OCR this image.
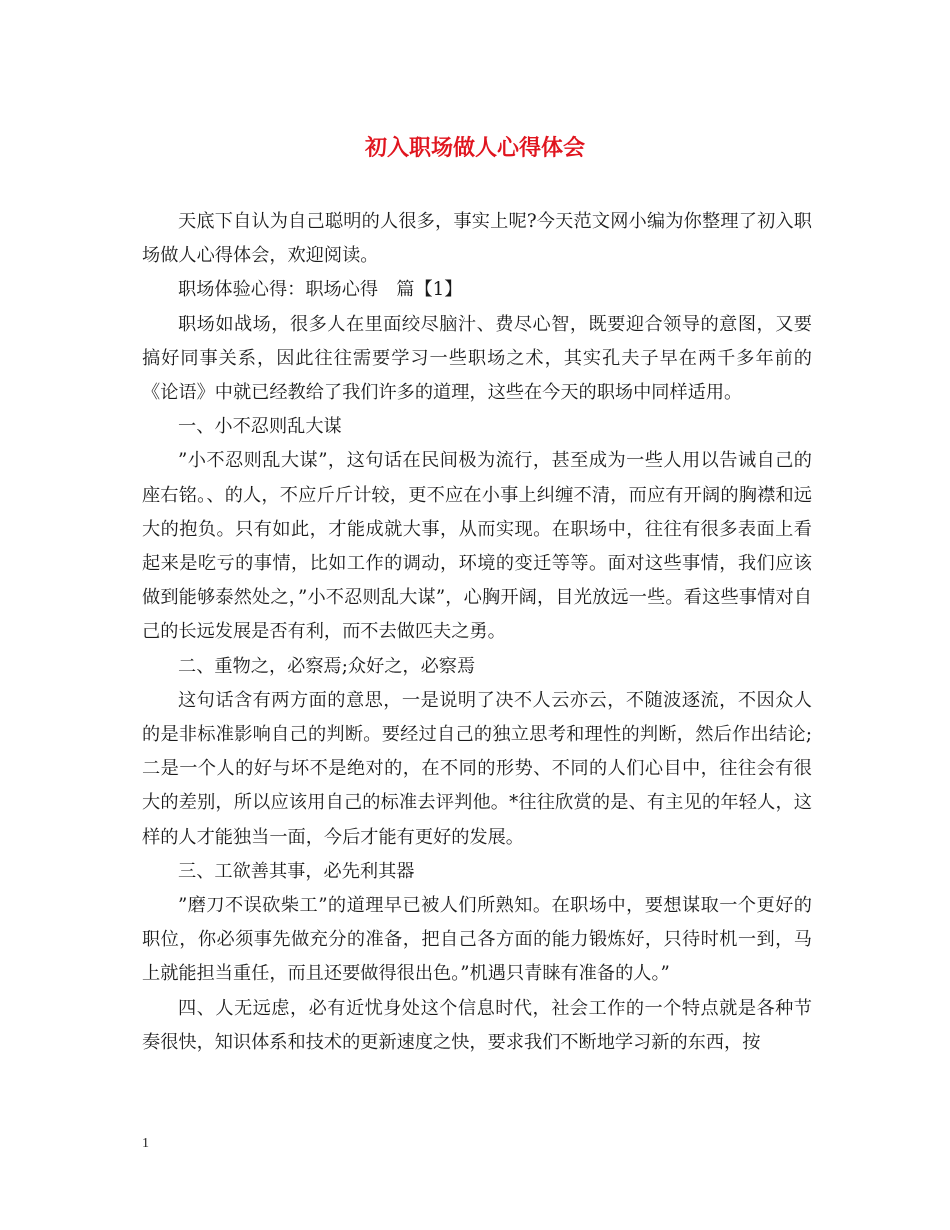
初入职场做人心得体会

天底下自认为自己聪明的人很多，事实上呢?今天范文网小编为你整理了初入职场做人心得体会，欢迎阅读。

职场体验心得：职场心得　篇【1】

职场如战场，很多人在里面绞尽脑汁、费尽心智，既要迎合领导的意图，又要搞好同事关系，因此往往需要学习一些职场之术，其实孔夫子早在两千多年前的《论语》中就已经教给了我们许多的道理，这些在今天的职场中同样适用。

一、小不忍则乱大谋

”小不忍则乱大谋”，这句话在民间极为流行，甚至成为一些人用以告诫自己的座右铭。、的人，不应斤斤计较，更不应在小事上纠缠不清，而应有开阔的胸襟和远大的抱负。只有如此，才能成就大事，从而实现。在职场中，往往有很多表面上看起来是吃亏的事情，比如工作的调动，环境的变迁等等。面对这些事情，我们应该做到能够泰然处之，”小不忍则乱大谋”，心胸开阔，目光放远一些。看这些事情对自己的长远发展是否有利，而不去做匹夫之勇。

二、重物之，必察焉;众好之，必察焉

这句话含有两方面的意思，一是说明了决不人云亦云，不随波逐流，不因众人的是非标准影响自己的判断。要经过自己的独立思考和理性的判断，然后作出结论;二是一个人的好与坏不是绝对的，在不同的形势、不同的人们心目中，往往会有很大的差别，所以应该用自己的标准去评判他。*往往欣赏的是、有主见的年轻人，这样的人才能独当一面，今后才能有更好的发展。

三、工欲善其事，必先利其器

”磨刀不误砍柴工”的道理早已被人们所熟知。在职场中，要想谋取一个更好的职位，你必须事先做充分的准备，把自己各方面的能力锻炼好，只待时机一到，马上就能担当重任，而且还要做得很出色。”机遇只青睐有准备的人。”

四、人无远虑，必有近忧身处这个信息时代，社会工作的一个特点就是各种节奏很快，知识体系和技术的更新速度之快，要求我们不断地学习新的东西，按

1
